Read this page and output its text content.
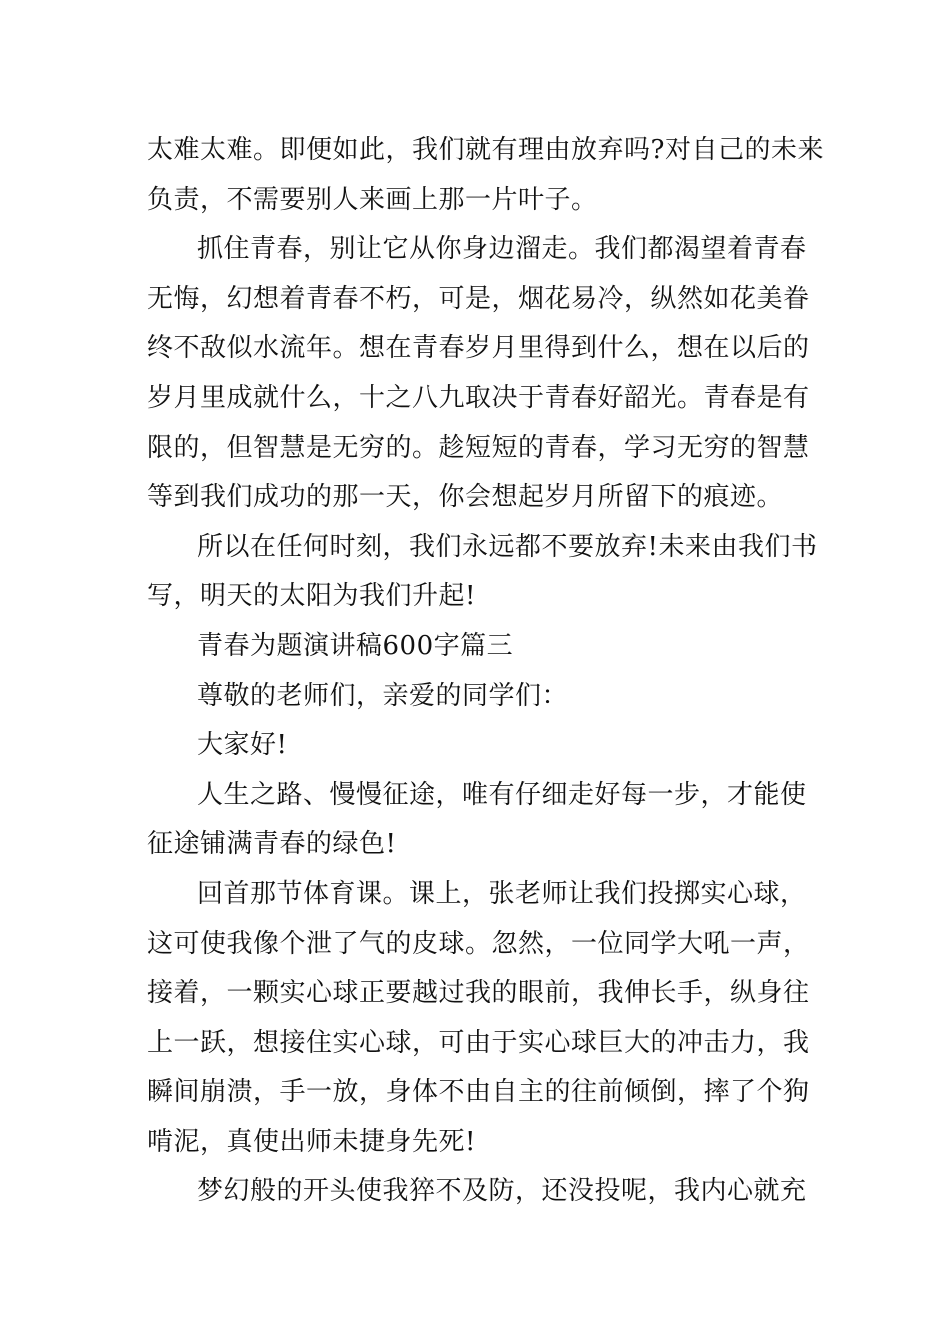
太难太难。即便如此，我们就有理由放弃吗?对自己的未来
负责，不需要别人来画上那一片叶子。
抓住青春，别让它从你身边溜走。我们都渴望着青春
无悔，幻想着青春不朽，可是，烟花易冷，纵然如花美眷
终不敌似水流年。想在青春岁月里得到什么，想在以后的
岁月里成就什么，十之八九取决于青春好韶光。青春是有
限的，但智慧是无穷的。趁短短的青春，学习无穷的智慧
等到我们成功的那一天，你会想起岁月所留下的痕迹。
所以在任何时刻，我们永远都不要放弃!未来由我们书
写，明天的太阳为我们升起!
青春为题演讲稿600字篇三
尊敬的老师们，亲爱的同学们：
大家好!
人生之路、慢慢征途，唯有仔细走好每一步，才能使
征途铺满青春的绿色!
回首那节体育课。课上，张老师让我们投掷实心球，
这可使我像个泄了气的皮球。忽然，一位同学大吼一声，
接着，一颗实心球正要越过我的眼前，我伸长手，纵身往
上一跃，想接住实心球，可由于实心球巨大的冲击力，我
瞬间崩溃，手一放，身体不由自主的往前倾倒，摔了个狗
啃泥，真使出师未捷身先死!
梦幻般的开头使我猝不及防，还没投呢，我内心就充
